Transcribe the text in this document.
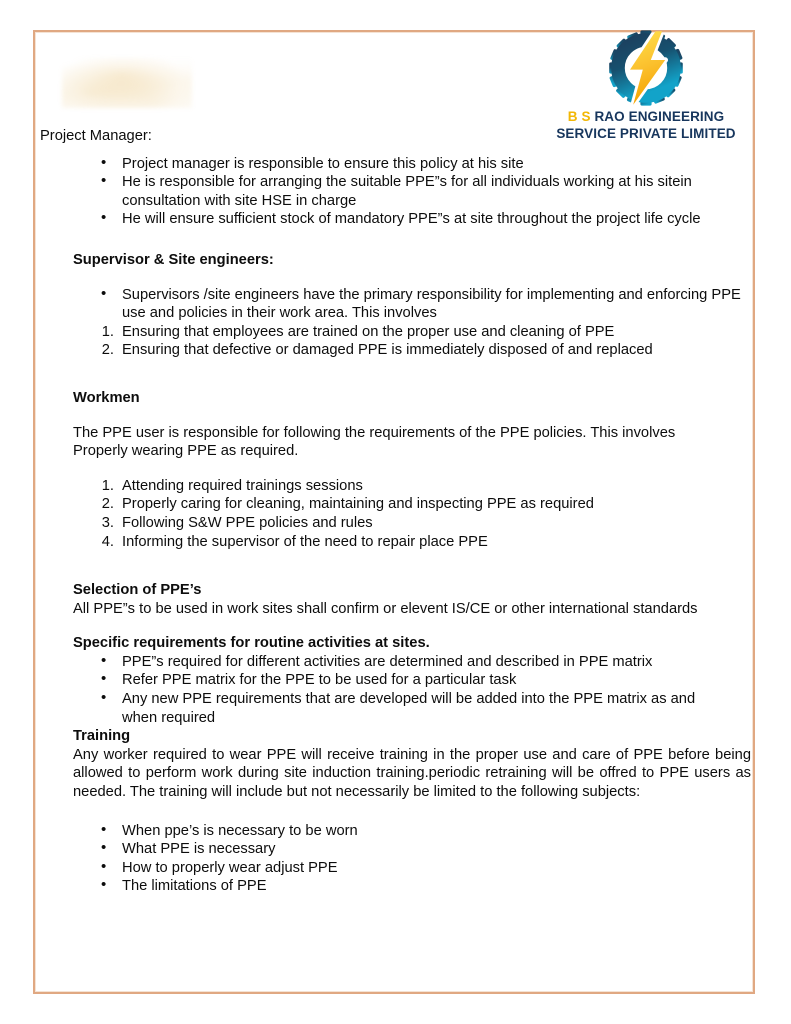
B S RAO ENGINEERING
SERVICE PRIVATE LIMITED
Project Manager:
• Project manager is responsible to ensure this policy at his site
• He is responsible for arranging the suitable PPE”s for all individuals working at his sitein consultation with site HSE in charge
• He will ensure sufficient stock of mandatory PPE”s at site throughout the project life cycle
Supervisor & Site engineers:
• Supervisors /site engineers have the primary responsibility for implementing and enforcing PPE use and policies in their work area. This involves
Ensuring that employees are trained on the proper use and cleaning of PPE
Ensuring that defective or damaged PPE is immediately disposed of and replaced
Workmen
The PPE user is responsible for following the requirements of the PPE policies. This involves Properly wearing PPE as required.
Attending required trainings sessions
Properly caring for cleaning, maintaining and inspecting PPE as required
Following S&W PPE policies and rules
Informing the supervisor of the need to repair place PPE
Selection of PPE’s
All PPE”s to be used in work sites shall confirm or elevent IS/CE or other international standards
Specific requirements for routine activities at sites.
• PPE”s required for different activities are determined and described in PPE matrix
• Refer PPE matrix for the PPE to be used for a particular task
• Any new PPE requirements that are developed will be added into the PPE matrix as and when required
Training
Any worker required to wear PPE will receive training in the proper use and care of PPE before being allowed to perform work during site induction training.periodic retraining will be offred to PPE users as needed. The training will include but not necessarily be limited to the following subjects:
• When ppe’s is necessary to be worn
• What PPE is necessary
• How to properly wear adjust PPE
• The limitations of PPE
